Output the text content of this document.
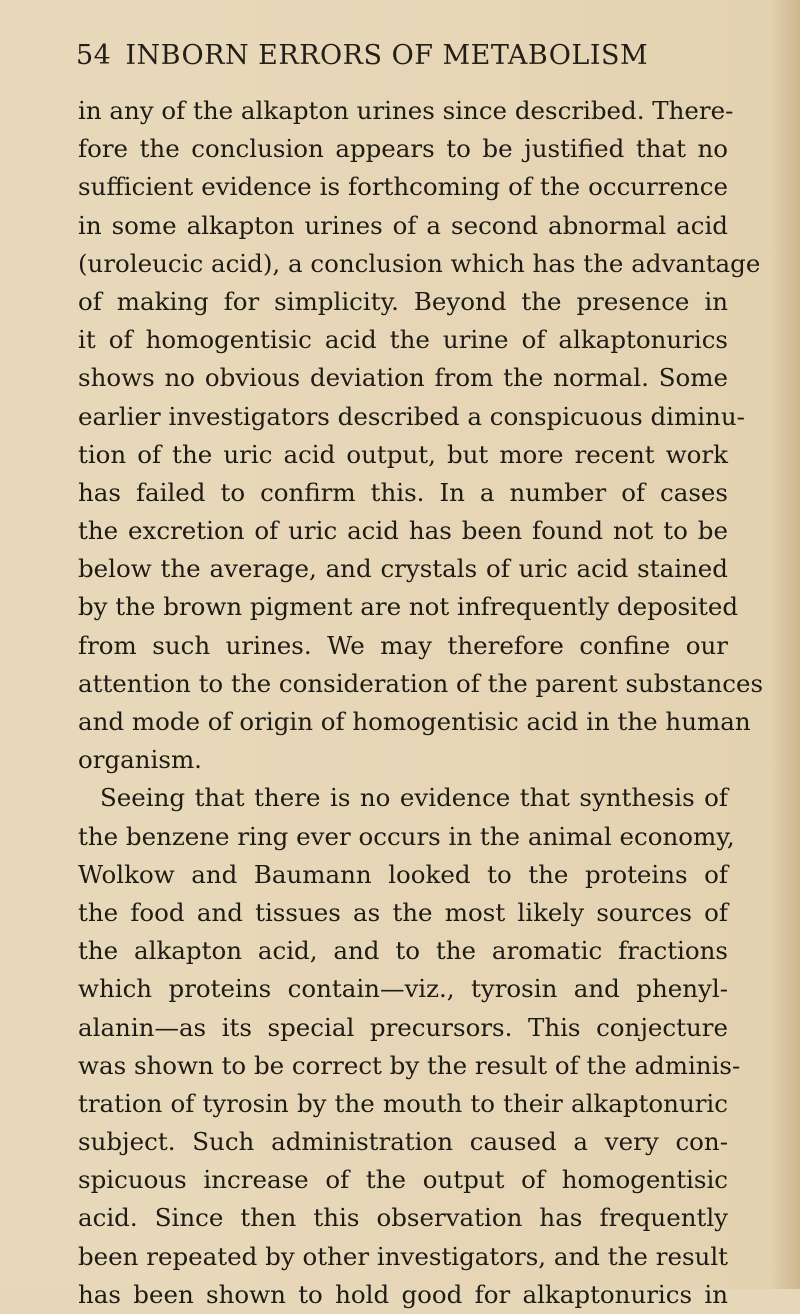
54 INBORN ERRORS OF METABOLISM
in any of the alkapton urines since described. There-
fore the conclusion appears to be justified that no
sufficient evidence is forthcoming of the occurrence
in some alkapton urines of a second abnormal acid
(uroleucic acid), a conclusion which has the advantage
of making for simplicity. Beyond the presence in
it of homogentisic acid the urine of alkaptonurics
shows no obvious deviation from the normal. Some
earlier investigators described a conspicuous diminu-
tion of the uric acid output, but more recent work
has failed to confirm this. In a number of cases
the excretion of uric acid has been found not to be
below the average, and crystals of uric acid stained
by the brown pigment are not infrequently deposited
from such urines. We may therefore confine our
attention to the consideration of the parent substances
and mode of origin of homogentisic acid in the human
organism.
Seeing that there is no evidence that synthesis of
the benzene ring ever occurs in the animal economy,
Wolkow and Baumann looked to the proteins of
the food and tissues as the most likely sources of
the alkapton acid, and to the aromatic fractions
which proteins contain—viz., tyrosin and phenyl-
alanin—as its special precursors. This conjecture
was shown to be correct by the result of the adminis-
tration of tyrosin by the mouth to their alkaptonuric
subject. Such administration caused a very con-
spicuous increase of the output of homogentisic
acid. Since then this observation has frequently
been repeated by other investigators, and the result
has been shown to hold good for alkaptonurics in
